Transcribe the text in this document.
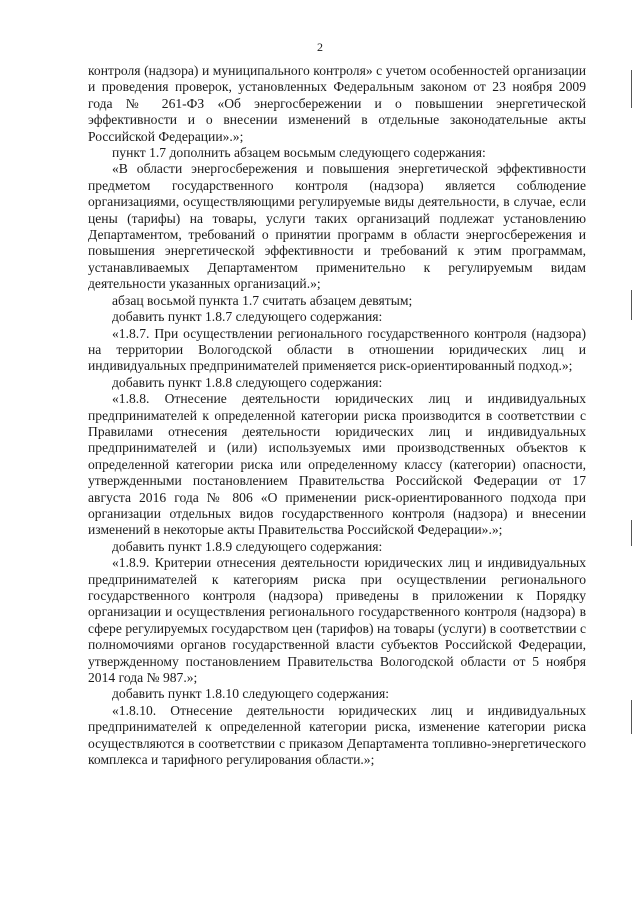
2

контроля (надзора) и муниципального контроля» с учетом особенностей организации и проведения проверок, установленных Федеральным законом от 23 ноября 2009 года № 261-ФЗ «Об энергосбережении и о повышении энергетической эффективности и о внесении изменений в отдельные законодательные акты Российской Федерации».»;

пункт 1.7 дополнить абзацем восьмым следующего содержания:

«В области энергосбережения и повышения энергетической эффективности предметом государственного контроля (надзора) является соблюдение организациями, осуществляющими регулируемые виды деятельности, в случае, если цены (тарифы) на товары, услуги таких организаций подлежат установлению Департаментом, требований о принятии программ в области энергосбережения и повышения энергетической эффективности и требований к этим программам, устанавливаемых Департаментом применительно к регулируемым видам деятельности указанных организаций.»;

абзац восьмой пункта 1.7 считать абзацем девятым;

добавить пункт 1.8.7 следующего содержания:

«1.8.7. При осуществлении регионального государственного контроля (надзора) на территории Вологодской области в отношении юридических лиц и индивидуальных предпринимателей применяется риск-ориентированный подход.»;

добавить пункт 1.8.8 следующего содержания:

«1.8.8. Отнесение деятельности юридических лиц и индивидуальных предпринимателей к определенной категории риска производится в соответствии с Правилами отнесения деятельности юридических лиц и индивидуальных предпринимателей и (или) используемых ими производственных объектов к определенной категории риска или определенному классу (категории) опасности, утвержденными постановлением Правительства Российской Федерации от 17 августа 2016 года № 806 «О применении риск-ориентированного подхода при организации отдельных видов государственного контроля (надзора) и внесении изменений в некоторые акты Правительства Российской Федерации».»;

добавить пункт 1.8.9 следующего содержания:

«1.8.9. Критерии отнесения деятельности юридических лиц и индивидуальных предпринимателей к категориям риска при осуществлении регионального государственного контроля (надзора) приведены в приложении к Порядку организации и осуществления регионального государственного контроля (надзора) в сфере регулируемых государством цен (тарифов) на товары (услуги) в соответствии с полномочиями органов государственной власти субъектов Российской Федерации, утвержденному постановлением Правительства Вологодской области от 5 ноября 2014 года № 987.»;

добавить пункт 1.8.10 следующего содержания:

«1.8.10. Отнесение деятельности юридических лиц и индивидуальных предпринимателей к определенной категории риска, изменение категории риска осуществляются в соответствии с приказом Департамента топливно-энергетического комплекса и тарифного регулирования области.»;
